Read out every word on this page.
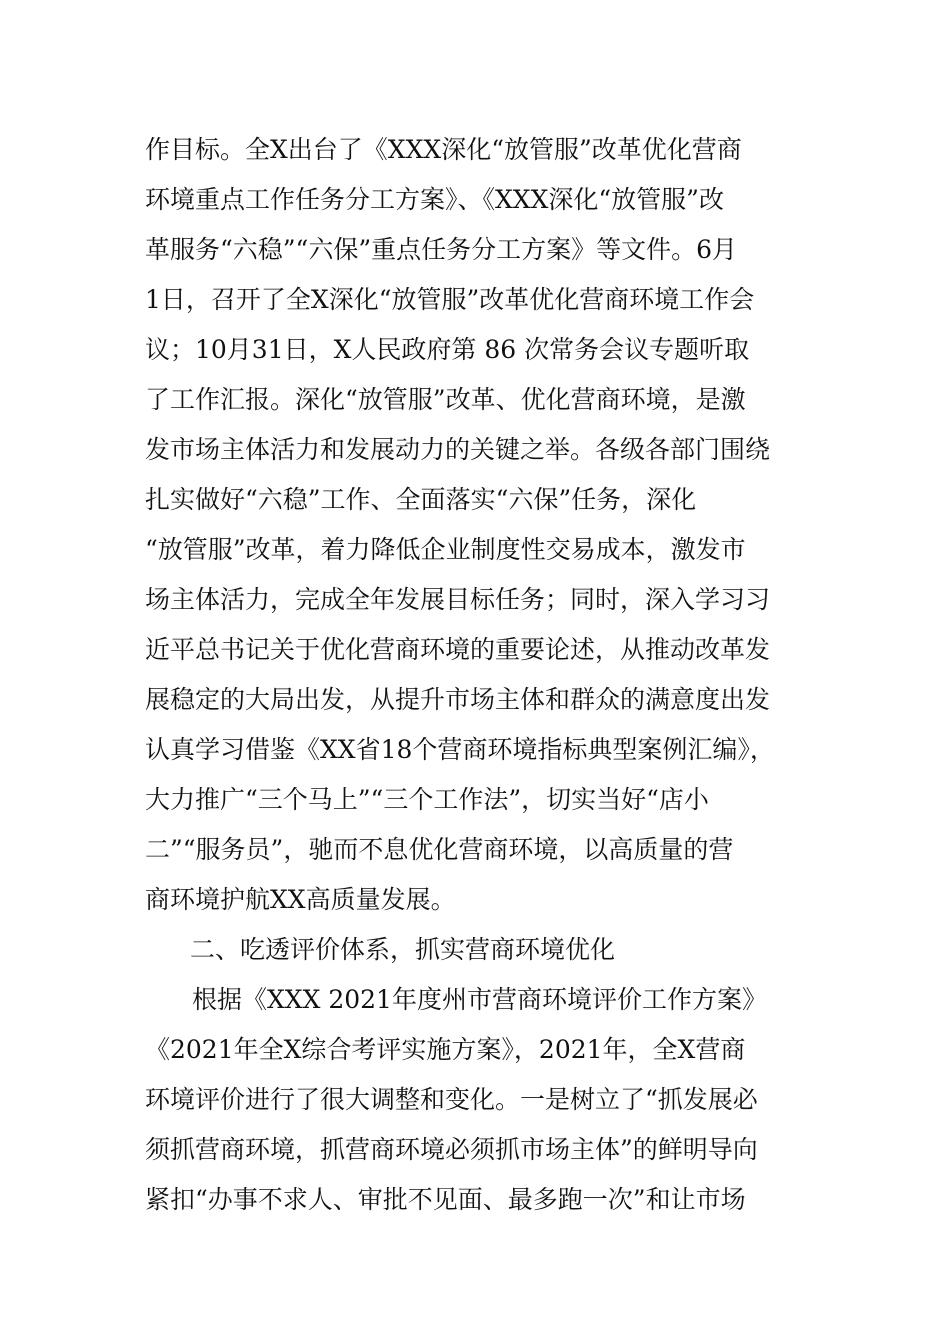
作目标。全X出台了《XXX深化“放管服”改革优化营商
环境重点工作任务分工方案》、《XXX深化“放管服”改
革服务“六稳”“六保”重点任务分工方案》等文件。6月
1日，召开了全X深化“放管服”改革优化营商环境工作会
议；10月31日，X人民政府第 86 次常务会议专题听取
了工作汇报。深化“放管服”改革、优化营商环境，是激
发市场主体活力和发展动力的关键之举。各级各部门围绕
扎实做好“六稳”工作、全面落实“六保”任务，深化
“放管服”改革，着力降低企业制度性交易成本，激发市
场主体活力，完成全年发展目标任务；同时，深入学习习
近平总书记关于优化营商环境的重要论述，从推动改革发
展稳定的大局出发，从提升市场主体和群众的满意度出发
认真学习借鉴《XX省18个营商环境指标典型案例汇编》，
大力推广“三个马上”“三个工作法”，切实当好“店小
二”“服务员”，驰而不息优化营商环境，以高质量的营
商环境护航XX高质量发展。
二、吃透评价体系，抓实营商环境优化
根据《XXX 2021年度州市营商环境评价工作方案》
《2021年全X综合考评实施方案》，2021年，全X营商
环境评价进行了很大调整和变化。一是树立了“抓发展必
须抓营商环境，抓营商环境必须抓市场主体”的鲜明导向
紧扣“办事不求人、审批不见面、最多跑一次”和让市场
